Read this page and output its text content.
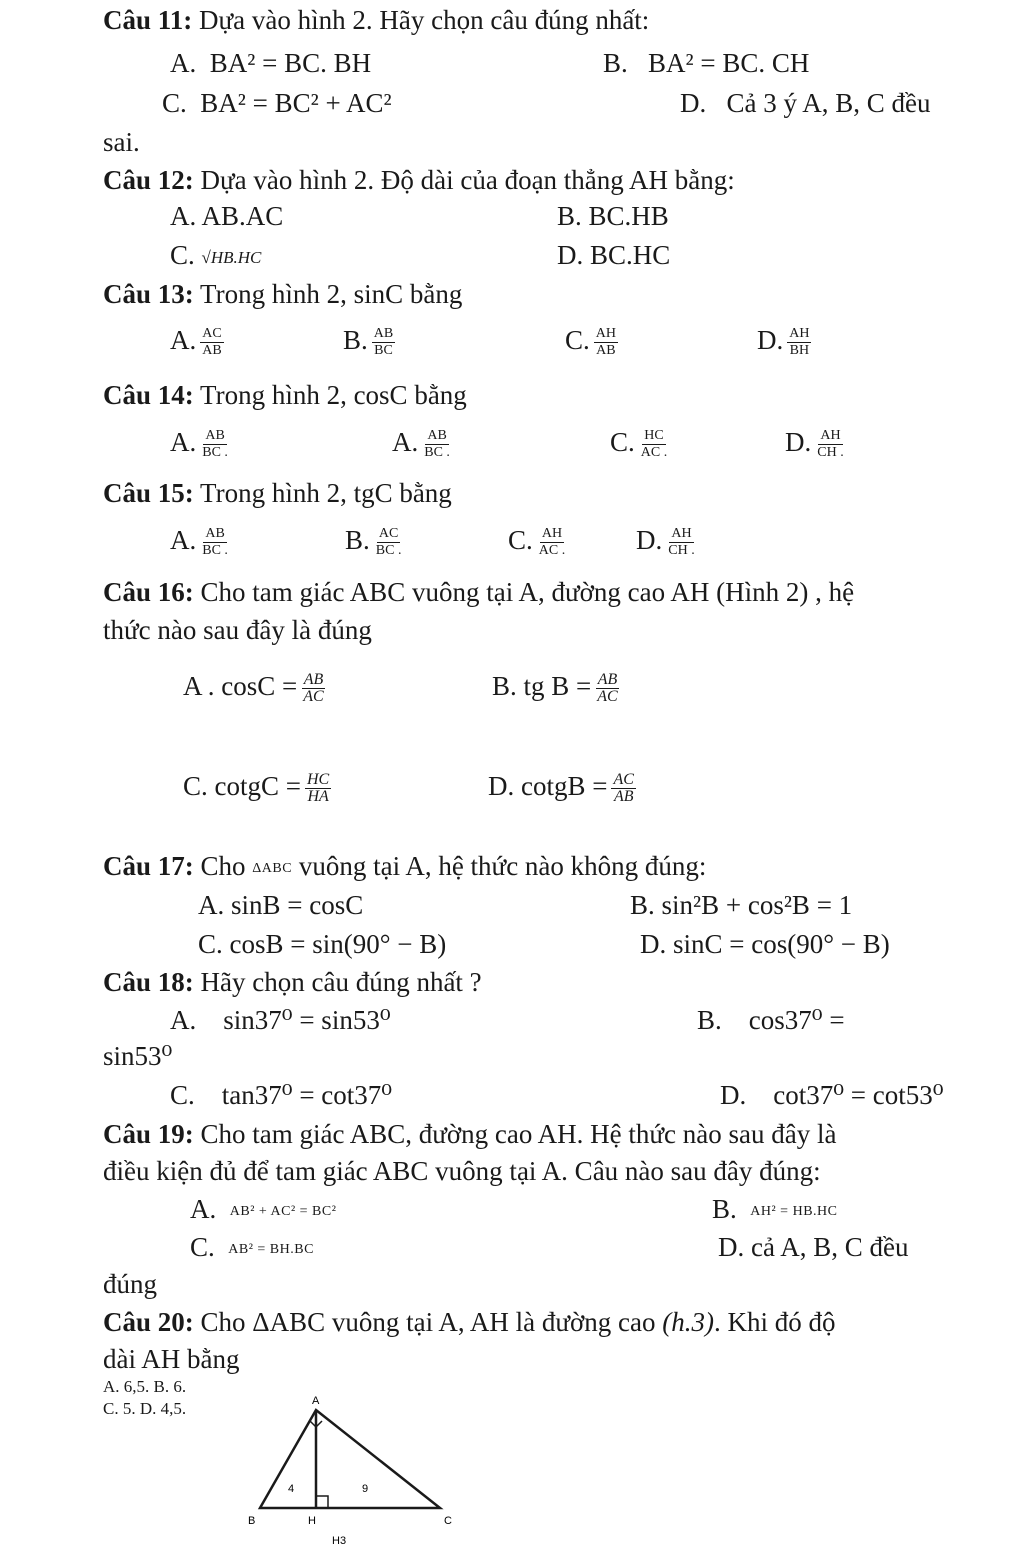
Câu 11: Dựa vào hình 2. Hãy chọn câu đúng nhất:
A. BA² = BC. BH	B. BA² = BC. CH
C. BA² = BC² + AC²	D. Cả 3 ý A, B, C đều
sai.
Câu 12: Dựa vào hình 2. Độ dài của đoạn thẳng AH bằng:
A. AB.AC	B. BC.HB
C. √HB.HC	D. BC.HC
Câu 13: Trong hình 2, sinC bằng
A. $\frac{AC}{AB}$	B. $\frac{AB}{BC}$	C. $\frac{AH}{AB}$	D. $\frac{AH}{BH}$
Câu 14: Trong hình 2, cosC bằng
A. $\frac{AB}{BC .}$	A. $\frac{AB}{BC .}$	C. $\frac{HC}{AC .}$	D. $\frac{AH}{CH .}$
Câu 15: Trong hình 2, tgC bằng
A. $\frac{AB}{BC .}$	B. $\frac{AC}{BC .}$	C. $\frac{AH}{AC .}$	D. $\frac{AH}{CH .}$
Câu 16: Cho tam giác ABC vuông tại A, đường cao AH (Hình 2) , hệ
thức nào sau đây là đúng
A . $\cos C = \frac{AB}{AC}$	B. tg $B = \frac{AB}{AC}$
C. cotgC = $\frac{HC}{HA}$	D. cotgB = $\frac{AC}{AB}$
Câu 17: Cho ΔABC vuông tại A, hệ thức nào không đúng:
A. sinB = cosC	B. sin²B + cos²B = 1
C. cosB = sin(90° − B)	D. sinC = cos(90° − B)
Câu 18: Hãy chọn câu đúng nhất ?
A. sin37⁰ = sin53⁰	B. cos37⁰ =
sin53⁰
C. tan37⁰ = cot37⁰	D. cot37⁰ = cot53⁰
Câu 19: Cho tam giác ABC, đường cao AH. Hệ thức nào sau đây là
điều kiện đủ để tam giác ABC vuông tại A. Câu nào sau đây đúng:
A. AB² + AC² = BC²	B. AH² = HB.HC
C. AB² = BH.BC	D. cả A, B, C đều
đúng
Câu 20: Cho ΔABC vuông tại A, AH là đường cao (h.3). Khi đó độ
dài AH bằng
A. 6,5. B. 6.
C. 5. D. 4,5.	A
B	H	C
4	9
H3
